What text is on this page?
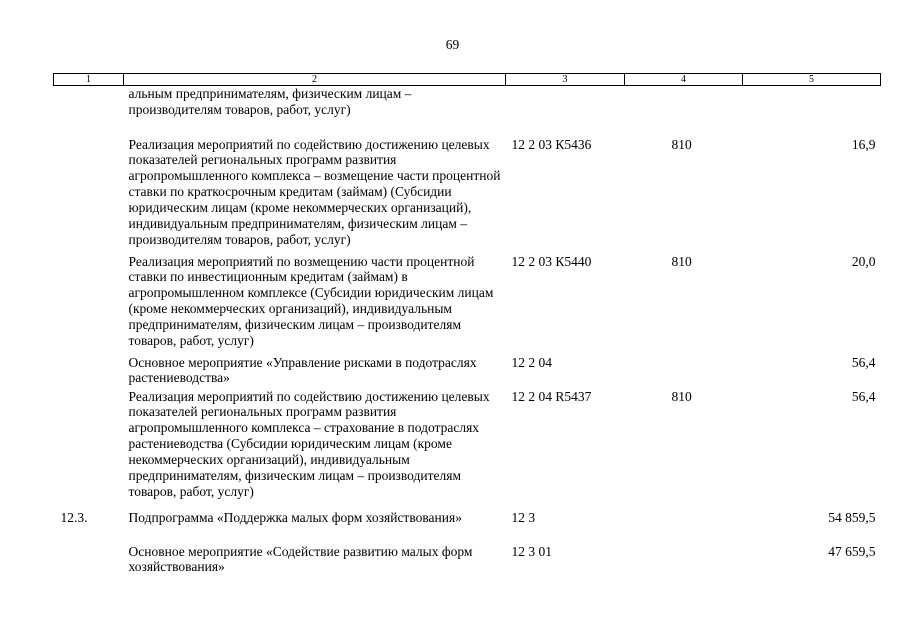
69
1	2	3	4	5
	альным предпринимателям, физическим лицам – производителям товаров, работ, услуг)			
	Реализация мероприятий по содействию достижению целевых показателей региональных программ развития агропромышленного комплекса – возмещение части процентной ставки по краткосрочным кредитам (займам) (Субсидии юридическим лицам (кроме некоммерческих организаций), индивидуальным предпринимателям, физическим лицам – производителям товаров, работ, услуг)	12 2 03 К5436	810	16,9
	Реализация мероприятий по возмещению части процентной ставки по инвестиционным кредитам (займам) в агропромышленном комплексе (Субсидии юридическим лицам (кроме некоммерческих организаций), индивидуальным предпринимателям, физическим лицам – производителям товаров, работ, услуг)	12 2 03 К5440	810	20,0
	Основное мероприятие «Управление рисками в подотраслях растениеводства»	12 2 04		56,4
	Реализация мероприятий по содействию достижению целевых показателей региональных программ развития агропромышленного комплекса – страхование в подотраслях растениеводства (Субсидии юридическим лицам (кроме некоммерческих организаций), индивидуальным предпринимателям, физическим лицам – производителям товаров, работ, услуг)	12 2 04 R5437	810	56,4
12.3.	Подпрограмма «Поддержка малых форм хозяйствования»	12 3		54 859,5
	Основное мероприятие «Содействие развитию малых форм хозяйствования»	12 3 01		47 659,5
